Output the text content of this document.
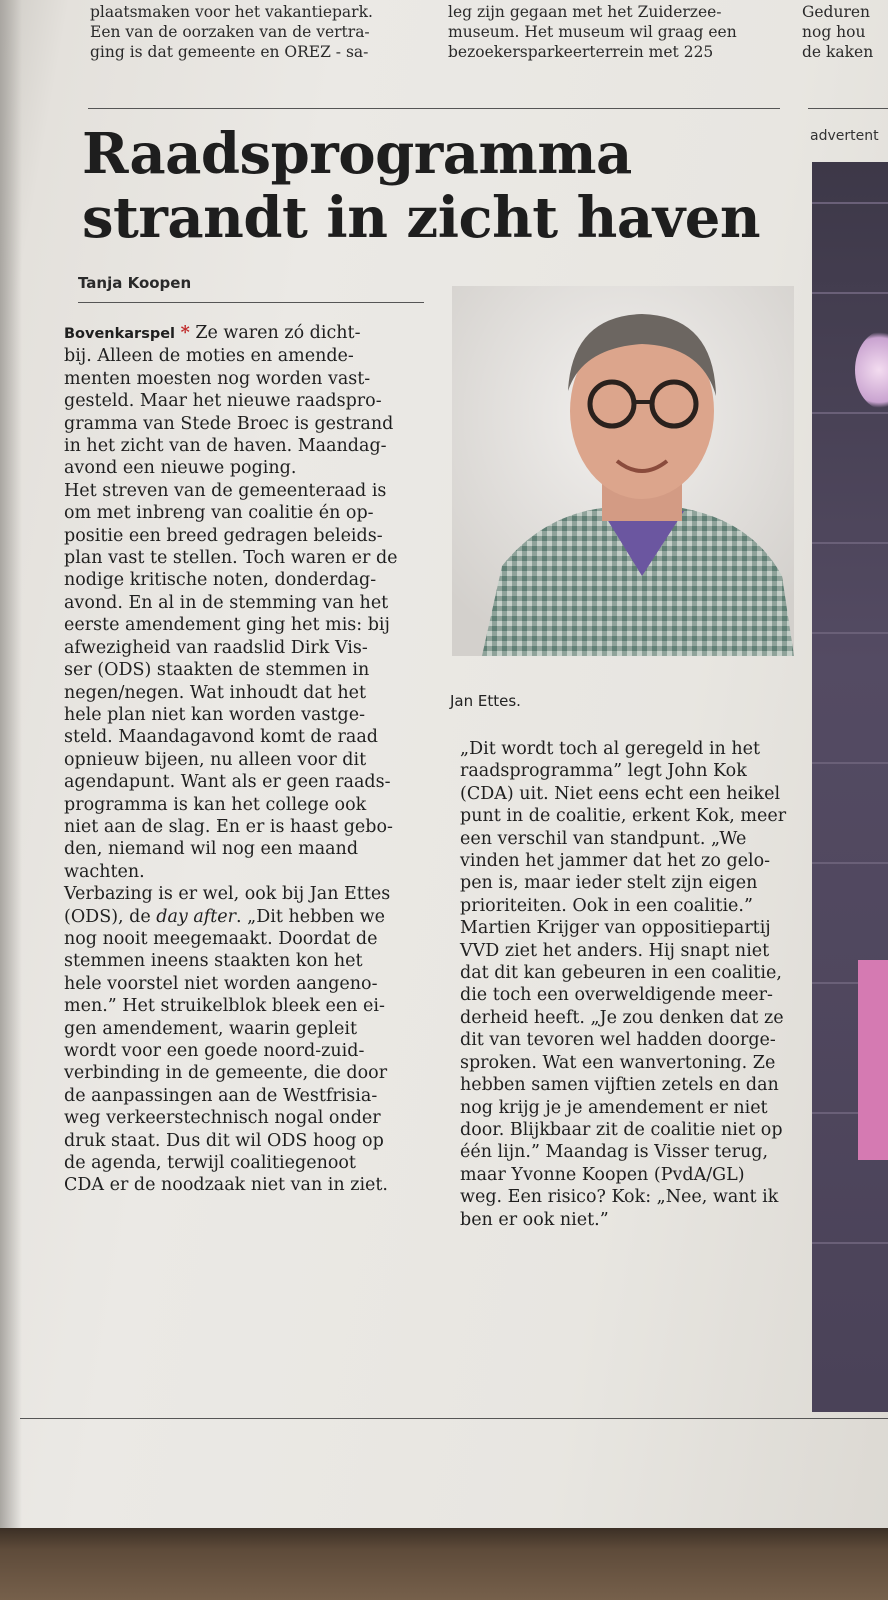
plaatsmaken voor het vakantiepark.
Een van de oorzaken van de vertra-
ging is dat gemeente en OREZ - sa-
leg zijn gegaan met het Zuiderzee-
museum. Het museum wil graag een
bezoekersparkeerterrein met 225
Geduren
nog hou
de kaken
advertent
Raadsprogramma
strandt in zicht haven
Tanja Koopen
Bovenkarspel * Ze waren zó dicht-
bij. Alleen de moties en amende-
menten moesten nog worden vast-
gesteld. Maar het nieuwe raadspro-
gramma van Stede Broec is gestrand
in het zicht van de haven. Maandag-
avond een nieuwe poging.
Het streven van de gemeenteraad is
om met inbreng van coalitie én op-
positie een breed gedragen beleids-
plan vast te stellen. Toch waren er de
nodige kritische noten, donderdag-
avond. En al in de stemming van het
eerste amendement ging het mis: bij
afwezigheid van raadslid Dirk Vis-
ser (ODS) staakten de stemmen in
negen/negen. Wat inhoudt dat het
hele plan niet kan worden vastge-
steld. Maandagavond komt de raad
opnieuw bijeen, nu alleen voor dit
agendapunt. Want als er geen raads-
programma is kan het college ook
niet aan de slag. En er is haast gebo-
den, niemand wil nog een maand
wachten.
Verbazing is er wel, ook bij Jan Ettes
(ODS), de day after. „Dit hebben we
nog nooit meegemaakt. Doordat de
stemmen ineens staakten kon het
hele voorstel niet worden aangeno-
men.” Het struikelblok bleek een ei-
gen amendement, waarin gepleit
wordt voor een goede noord-zuid-
verbinding in de gemeente, die door
de aanpassingen aan de Westfrisia-
weg verkeerstechnisch nogal onder
druk staat. Dus dit wil ODS hoog op
de agenda, terwijl coalitiegenoot
CDA er de noodzaak niet van in ziet.
Jan Ettes.
„Dit wordt toch al geregeld in het
raadsprogramma” legt John Kok
(CDA) uit. Niet eens echt een heikel
punt in de coalitie, erkent Kok, meer
een verschil van standpunt. „We
vinden het jammer dat het zo gelo-
pen is, maar ieder stelt zijn eigen
prioriteiten. Ook in een coalitie.”
Martien Krijger van oppositiepartij
VVD ziet het anders. Hij snapt niet
dat dit kan gebeuren in een coalitie,
die toch een overweldigende meer-
derheid heeft. „Je zou denken dat ze
dit van tevoren wel hadden doorge-
sproken. Wat een wanvertoning. Ze
hebben samen vijftien zetels en dan
nog krijg je je amendement er niet
door. Blijkbaar zit de coalitie niet op
één lijn.” Maandag is Visser terug,
maar Yvonne Koopen (PvdA/GL)
weg. Een risico? Kok: „Nee, want ik
ben er ook niet.”
